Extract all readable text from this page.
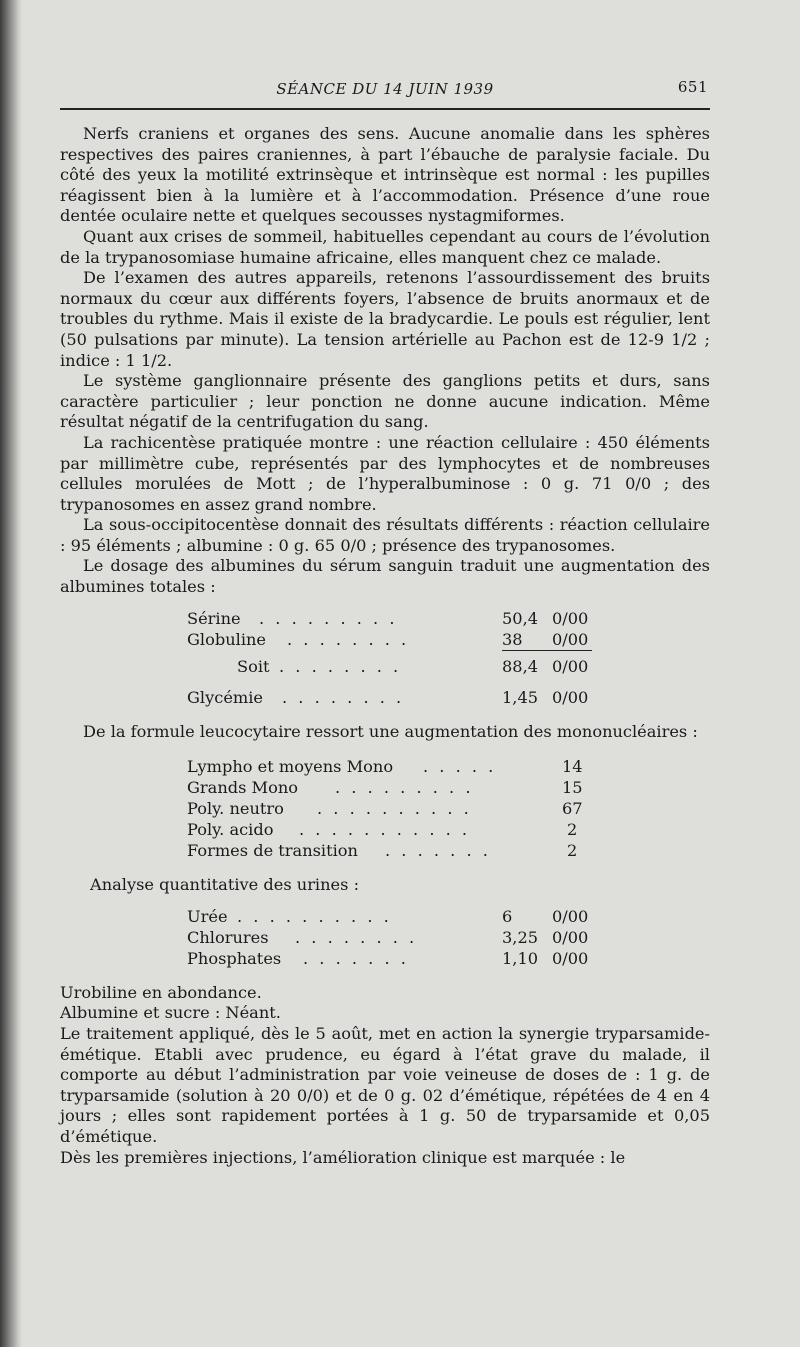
SÉANCE DU 14 JUIN 1939	651

Nerfs craniens et organes des sens. Aucune anomalie dans les sphères respectives des paires craniennes, à part l’ébauche de paralysie faciale. Du côté des yeux la motilité extrinsèque et intrinsèque est normal : les pupilles réagissent bien à la lumière et à l’accommodation. Présence d’une roue dentée oculaire nette et quelques secousses nystagmiformes.

Quant aux crises de sommeil, habituelles cependant au cours de l’évolution de la trypanosomiase humaine africaine, elles manquent chez ce malade.

De l’examen des autres appareils, retenons l’assourdissement des bruits normaux du cœur aux différents foyers, l’absence de bruits anormaux et de troubles du rythme. Mais il existe de la bradycardie. Le pouls est régulier, lent (50 pulsations par minute). La tension artérielle au Pachon est de 12-9 1/2 ; indice : 1 1/2.

Le système ganglionnaire présente des ganglions petits et durs, sans caractère particulier ; leur ponction ne donne aucune indication. Même résultat négatif de la centrifugation du sang.

La rachicentèse pratiquée montre : une réaction cellulaire : 450 éléments par millimètre cube, représentés par des lymphocytes et de nombreuses cellules morulées de Mott ; de l’hyperalbuminose : 0 g. 71 0/0 ; des trypanosomes en assez grand nombre.

La sous-occipitocentèse donnait des résultats différents : réaction cellulaire : 95 éléments ; albumine : 0 g. 65 0/0 ; présence des trypanosomes.

Le dosage des albumines du sérum sanguin traduit une augmentation des albumines totales :

Sérine . . . . . . . . .	50,4 0/00
Globuline . . . . . . . .	38 0/00
Soit . . . . . . . .	88,4 0/00
Glycémie . . . . . . . .	1,45 0/00

De la formule leucocytaire ressort une augmentation des mononucléaires :

Lympho et moyens Mono . . . . .	14
Grands Mono . . . . . . . . .	15
Poly. neutro . . . . . . . . . .	67
Poly. acido . . . . . . . . . . .	2
Formes de transition . . . . . . .	2

Analyse quantitative des urines :

Urée . . . . . . . . . .	6 0/00
Chlorures . . . . . . . .	3,25 0/00
Phosphates . . . . . . .	1,10 0/00

Urobiline en abondance.

Albumine et sucre : Néant.

Le traitement appliqué, dès le 5 août, met en action la synergie tryparsamide-émétique. Etabli avec prudence, eu égard à l’état grave du malade, il comporte au début l’administration par voie veineuse de doses de : 1 g. de tryparsamide (solution à 20 0/0) et de 0 g. 02 d’émétique, répétées de 4 en 4 jours ; elles sont rapidement portées à 1 g. 50 de tryparsamide et 0,05 d’émétique.

Dès les premières injections, l’amélioration clinique est marquée : le
